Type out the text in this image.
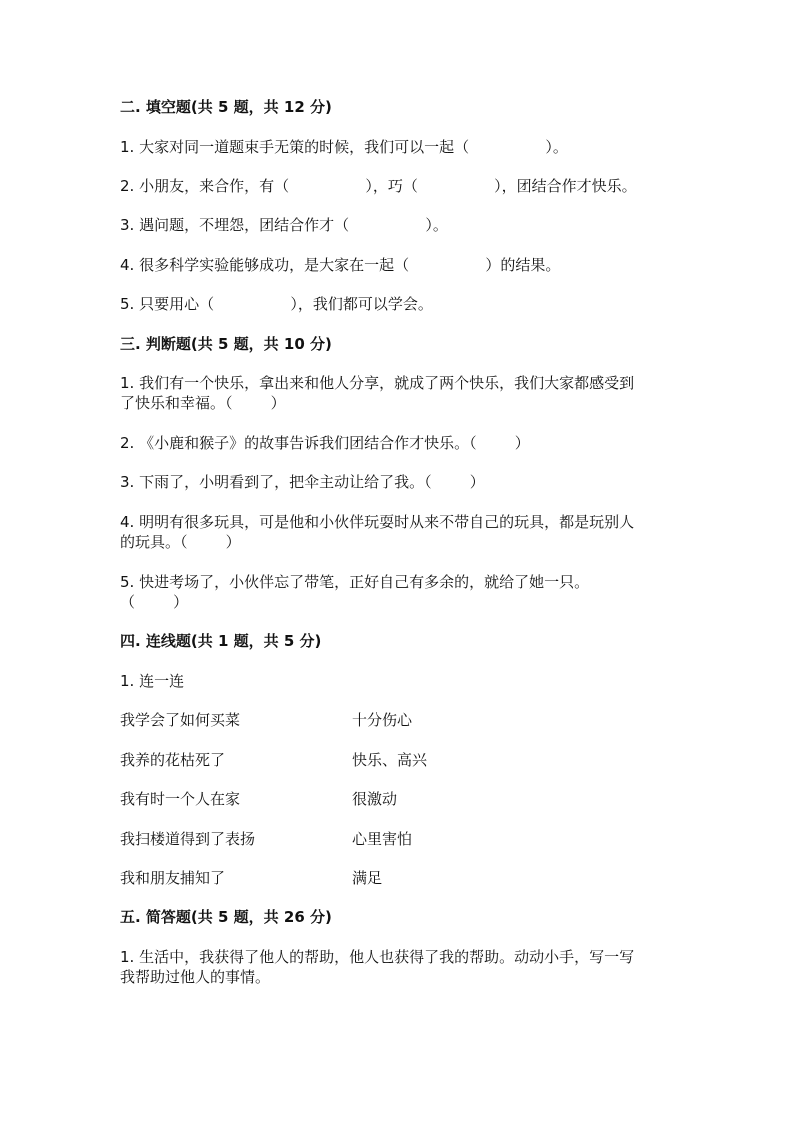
二. 填空题(共 5 题，共 12 分)
1. 大家对同一道题束手无策的时候，我们可以一起（                ）。
2. 小朋友，来合作，有（                ），巧（                ），团结合作才快乐。
3. 遇问题，不埋怨，团结合作才（                ）。
4. 很多科学实验能够成功，是大家在一起（                ）的结果。
5. 只要用心（                ），我们都可以学会。
三. 判断题(共 5 题，共 10 分)
1. 我们有一个快乐，拿出来和他人分享，就成了两个快乐，我们大家都感受到
了快乐和幸福。（        ）
2. 《小鹿和猴子》的故事告诉我们团结合作才快乐。（        ）
3. 下雨了，小明看到了，把伞主动让给了我。（        ）
4. 明明有很多玩具，可是他和小伙伴玩耍时从来不带自己的玩具，都是玩别人
的玩具。（        ）
5. 快进考场了，小伙伴忘了带笔，正好自己有多余的，就给了她一只。
（        ）
四. 连线题(共 1 题，共 5 分)
1. 连一连
我学会了如何买菜	十分伤心
我养的花枯死了	快乐、高兴
我有时一个人在家	很激动
我扫楼道得到了表扬	心里害怕
我和朋友捕知了	满足
五. 简答题(共 5 题，共 26 分)
1. 生活中，我获得了他人的帮助，他人也获得了我的帮助。动动小手，写一写
我帮助过他人的事情。
